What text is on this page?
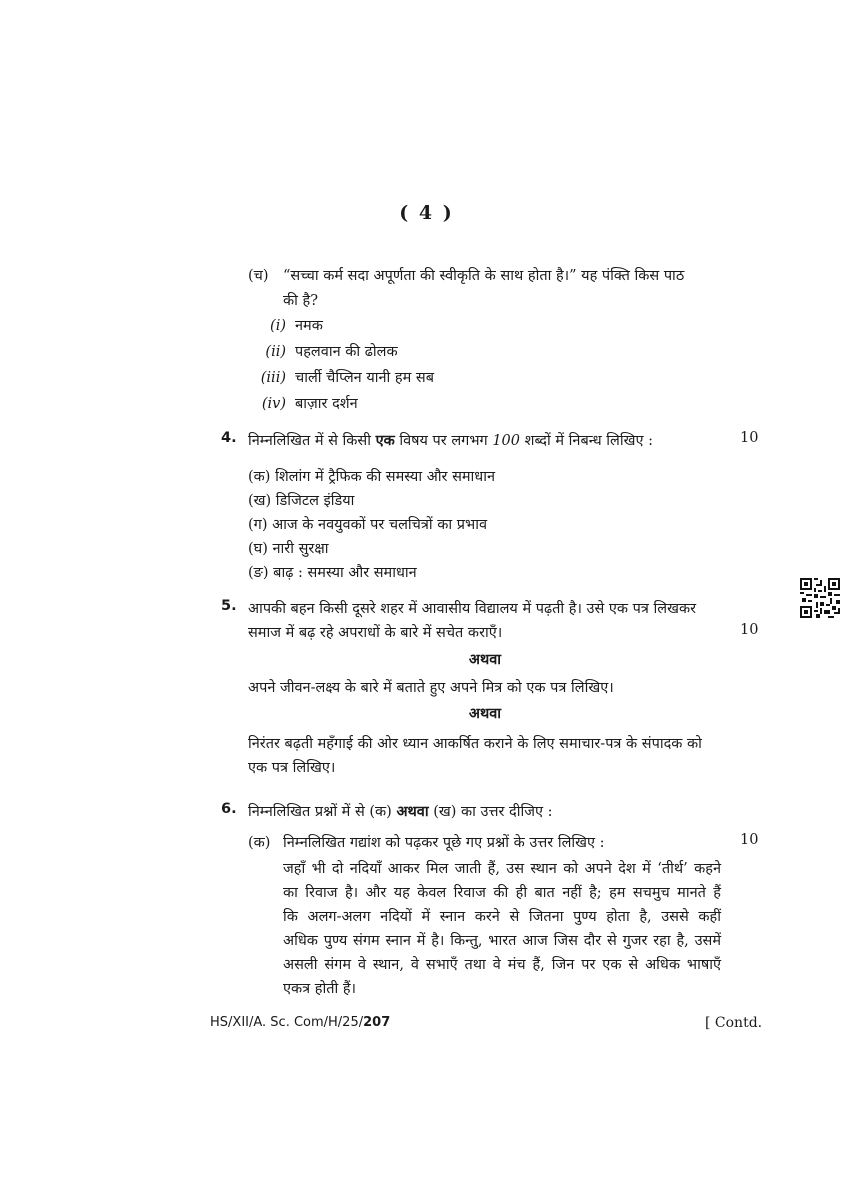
( 4 )
(च) “सच्चा कर्म सदा अपूर्णता की स्वीकृति के साथ होता है।” यह पंक्ति किस पाठ
की है?
(i) नमक
(ii) पहलवान की ढोलक
(iii) चार्ली चैप्लिन यानी हम सब
(iv) बाज़ार दर्शन
4. निम्नलिखित में से किसी एक विषय पर लगभग 100 शब्दों में निबन्ध लिखिए :	10
(क) शिलांग में ट्रैफिक की समस्या और समाधान
(ख) डिजिटल इंडिया
(ग) आज के नवयुवकों पर चलचित्रों का प्रभाव
(घ) नारी सुरक्षा
(ङ) बाढ़ : समस्या और समाधान
5. आपकी बहन किसी दूसरे शहर में आवासीय विद्यालय में पढ़ती है। उसे एक पत्र लिखकर
समाज में बढ़ रहे अपराधों के बारे में सचेत कराएँ।	10
अथवा
अपने जीवन-लक्ष्य के बारे में बताते हुए अपने मित्र को एक पत्र लिखिए।
अथवा
निरंतर बढ़ती महँगाई की ओर ध्यान आकर्षित कराने के लिए समाचार-पत्र के संपादक को
एक पत्र लिखिए।
6. निम्नलिखित प्रश्नों में से (क) अथवा (ख) का उत्तर दीजिए :
(क) निम्नलिखित गद्यांश को पढ़कर पूछे गए प्रश्नों के उत्तर लिखिए :	10
जहाँ भी दो नदियाँ आकर मिल जाती हैं, उस स्थान को अपने देश में ‘तीर्थ’ कहने
का रिवाज है। और यह केवल रिवाज की ही बात नहीं है; हम सचमुच मानते हैं
कि अलग-अलग नदियों में स्नान करने से जितना पुण्य होता है, उससे कहीं
अधिक पुण्य संगम स्नान में है। किन्तु, भारत आज जिस दौर से गुजर रहा है, उसमें
असली संगम वे स्थान, वे सभाएँ तथा वे मंच हैं, जिन पर एक से अधिक भाषाएँ
एकत्र होती हैं।
HS/XII/A. Sc. Com/H/25/207	[ Contd.
